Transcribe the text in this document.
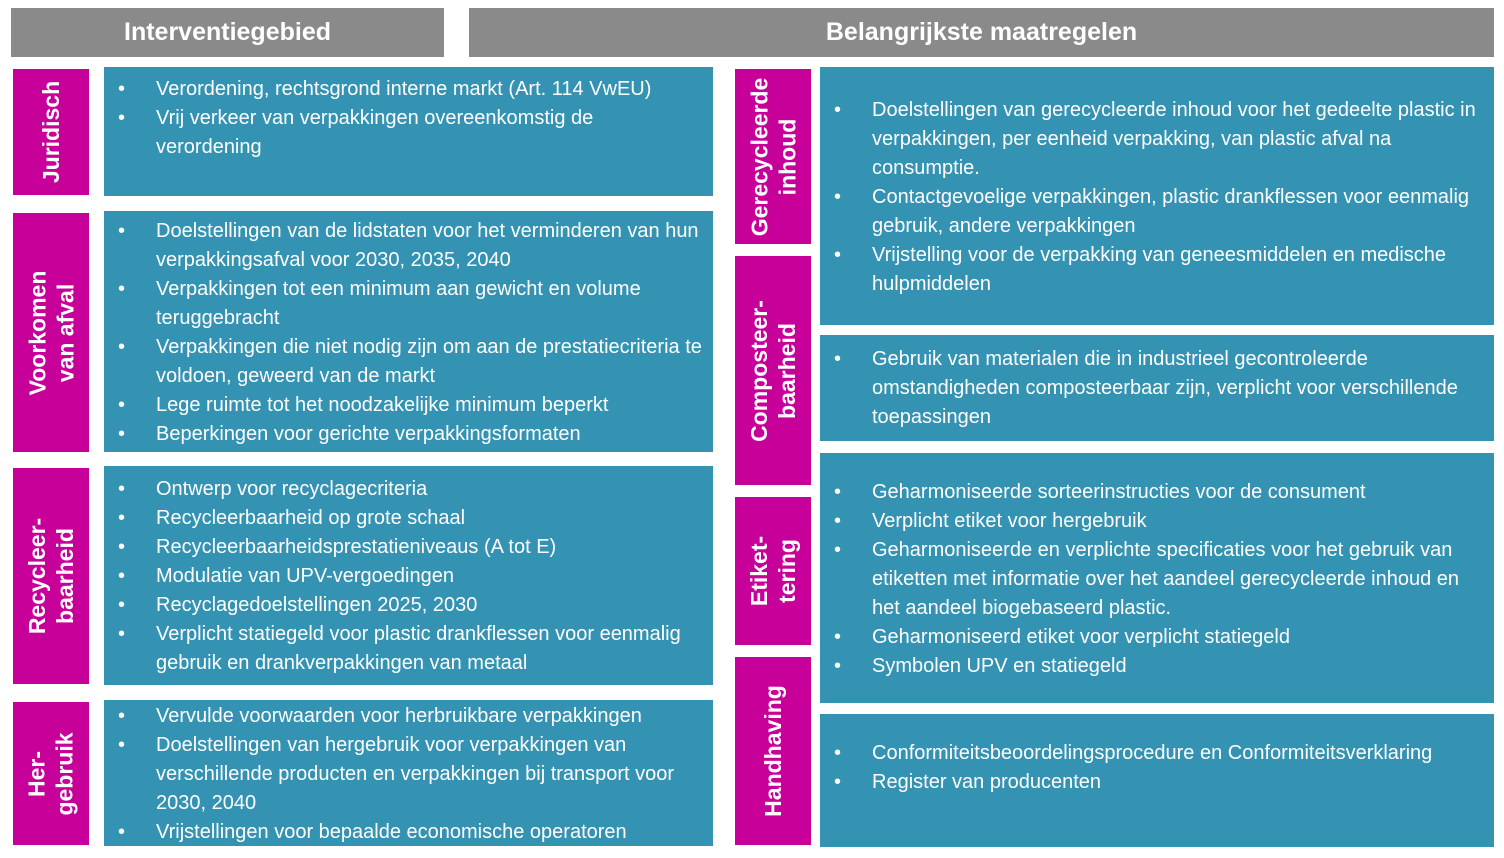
Interventiegebied	Belangrijkste maatregelen
Juridisch	• Verordening, rechtsgrond interne markt (Art. 114 VwEU)
• Vrij verkeer van verpakkingen overeenkomstig de verordening
Voorkomen van afval
• Doelstellingen van de lidstaten voor het verminderen van hun verpakkingsafval voor 2030, 2035, 2040
• Verpakkingen tot een minimum aan gewicht en volume teruggebracht
• Verpakkingen die niet nodig zijn om aan de prestatiecriteria te voldoen, geweerd van de markt
• Lege ruimte tot het noodzakelijke minimum beperkt
• Beperkingen voor gerichte verpakkingsformaten
Recycleer- baarheid
• Ontwerp voor recyclagecriteria
• Recycleerbaarheid op grote schaal
• Recycleerbaarheidsprestatieniveaus (A tot E)
• Modulatie van UPV-vergoedingen
• Recyclagedoelstellingen 2025, 2030
• Verplicht statiegeld voor plastic drankflessen voor eenmalig gebruik en drankverpakkingen van metaal
Her- gebruik
• Vervulde voorwaarden voor herbruikbare verpakkingen
• Doelstellingen van hergebruik voor verpakkingen van verschillende producten en verpakkingen bij transport voor 2030, 2040
• Vrijstellingen voor bepaalde economische operatoren
Gerecycleerde inhoud
• Doelstellingen van gerecycleerde inhoud voor het gedeelte plastic in verpakkingen, per eenheid verpakking, van plastic afval na consumptie.
• Contactgevoelige verpakkingen, plastic drankflessen voor eenmalig gebruik, andere verpakkingen
• Vrijstelling voor de verpakking van geneesmiddelen en medische hulpmiddelen
Composteer- baarheid	• Gebruik van materialen die in industrieel gecontroleerde omstandigheden composteerbaar zijn, verplicht voor verschillende toepassingen
Etiket- tering
• Geharmoniseerde sorteerinstructies voor de consument
• Verplicht etiket voor hergebruik
• Geharmoniseerde en verplichte specificaties voor het gebruik van etiketten met informatie over het aandeel gerecycleerde inhoud en het aandeel biogebaseerd plastic.
• Geharmoniseerd etiket voor verplicht statiegeld
• Symbolen UPV en statiegeld
Handhaving	• Conformiteitsbeoordelingsprocedure en Conformiteitsverklaring
• Register van producenten
